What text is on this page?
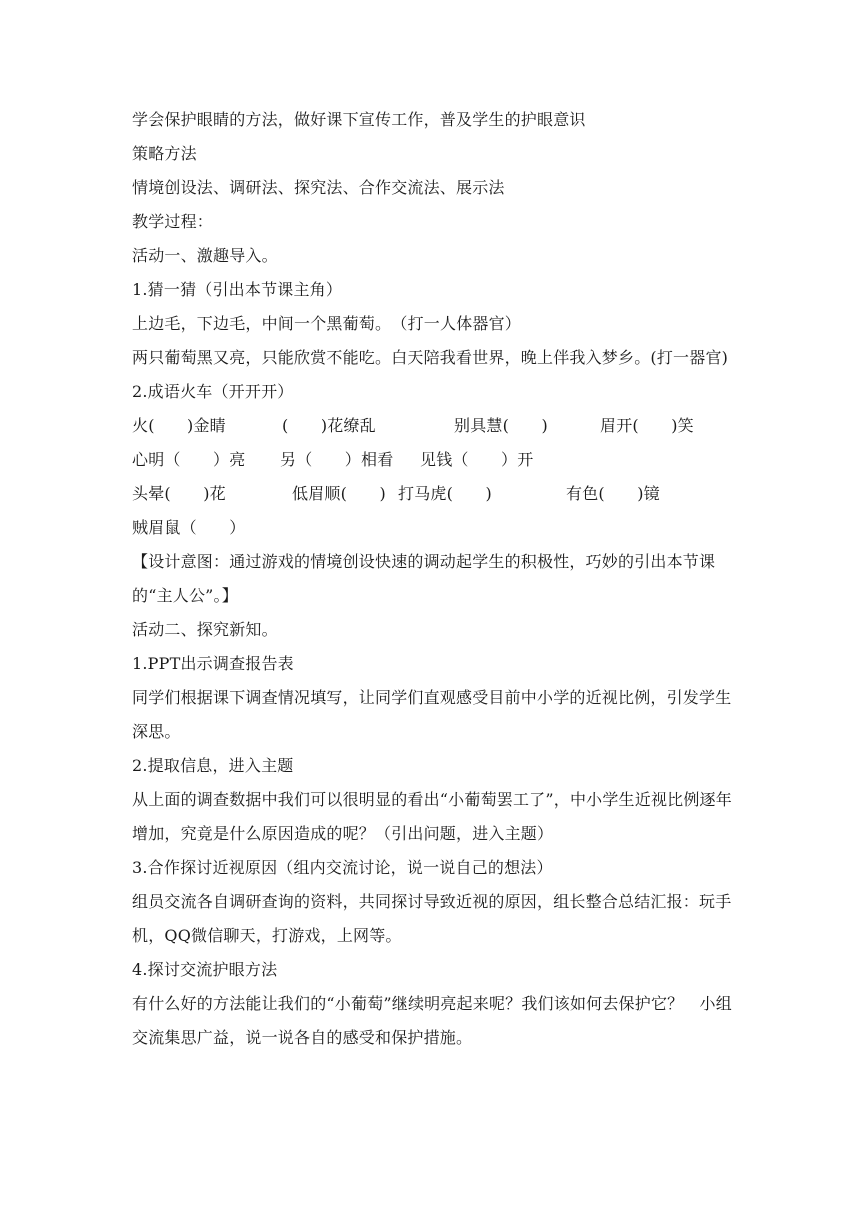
学会保护眼睛的方法，做好课下宣传工作，普及学生的护眼意识

策略方法

情境创设法、调研法、探究法、合作交流法、展示法

教学过程：

活动一、激趣导入。

1.猜一猜（引出本节课主角）

上边毛，下边毛，中间一个黑葡萄。　（打一人体器官）

两只葡萄黑又亮，只能欣赏不能吃。白天陪我看世界，晚上伴我入梦乡。(打一器官)

2.成语火车（开开开）

火(　　)金睛	(　　)花缭乱	别具慧(　　)	眉开(　　)笑
心明（　　）亮	另（　　）相看	见钱（　　）开
头晕(　　)花	低眉顺(　　) 打马虎(　　)	有色(　　)镜
贼眉鼠（　　）

【设计意图：通过游戏的情境创设快速的调动起学生的积极性，巧妙的引出本节课的“主人公”。】

活动二、探究新知。

1.PPT出示调查报告表

同学们根据课下调查情况填写，让同学们直观感受目前中小学的近视比例，引发学生深思。

2.提取信息，进入主题

从上面的调查数据中我们可以很明显的看出“小葡萄罢工了”，中小学生近视比例逐年增加，究竟是什么原因造成的呢？（引出问题，进入主题）

3.合作探讨近视原因（组内交流讨论，说一说自己的想法）

组员交流各自调研查询的资料，共同探讨导致近视的原因，组长整合总结汇报：玩手机，QQ微信聊天，打游戏，上网等。

4.探讨交流护眼方法

有什么好的方法能让我们的“小葡萄”继续明亮起来呢？我们该如何去保护它？　小组交流集思广益，说一说各自的感受和保护措施。
